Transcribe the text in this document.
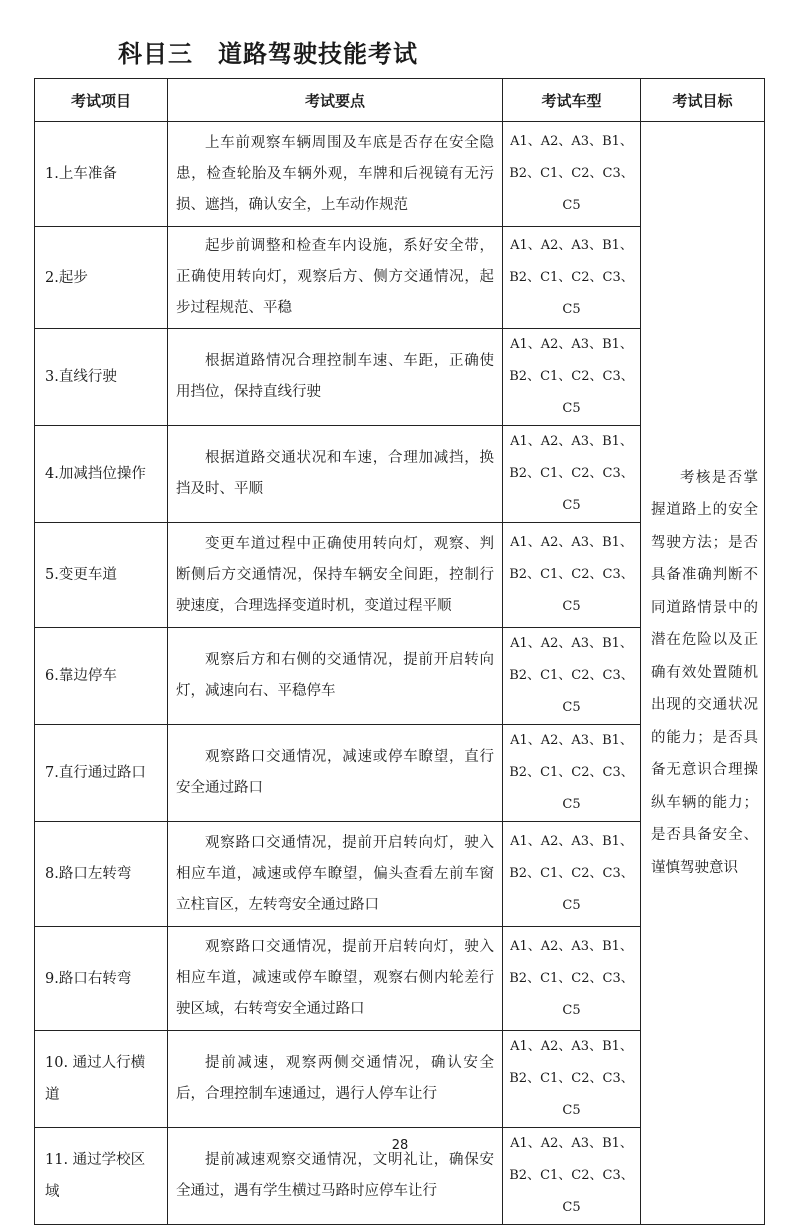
科目三　道路驾驶技能考试
考试项目	考试要点	考试车型	考试目标
1.上车准备	上车前观察车辆周围及车底是否存在安全隐患，检查轮胎及车辆外观，车牌和后视镜有无污损、遮挡，确认安全，上车动作规范	A1、A2、A3、B1、
B2、C1、C2、C3、C5	考核是否掌握道路上的安全驾驶方法；是否具备准确判断不同道路情景中的潜在危险以及正确有效处置随机出现的交通状况的能力；是否具备无意识合理操纵车辆的能力；是否具备安全、谨慎驾驶意识
2.起步	起步前调整和检查车内设施，系好安全带，正确使用转向灯，观察后方、侧方交通情况，起步过程规范、平稳	A1、A2、A3、B1、
B2、C1、C2、C3、C5	

3.直线行驶	根据道路情况合理控制车速、车距，正确使用挡位，保持直线行驶	A1、A2、A3、B1、
B2、C1、C2、C3、C5	

4.加减挡位操作	根据道路交通状况和车速，合理加减挡，换挡及时、平顺	A1、A2、A3、B1、
B2、C1、C2、C3、C5	

5.变更车道	变更车道过程中正确使用转向灯，观察、判断侧后方交通情况，保持车辆安全间距，控制行驶速度，合理选择变道时机，变道过程平顺	A1、A2、A3、B1、
B2、C1、C2、C3、C5	

6.靠边停车	观察后方和右侧的交通情况，提前开启转向灯，减速向右、平稳停车	A1、A2、A3、B1、
B2、C1、C2、C3、C5	

7.直行通过路口	观察路口交通情况，减速或停车瞭望，直行安全通过路口	A1、A2、A3、B1、
B2、C1、C2、C3、C5	

8.路口左转弯	观察路口交通情况，提前开启转向灯，驶入相应车道，减速或停车瞭望，偏头查看左前车窗立柱盲区，左转弯安全通过路口	A1、A2、A3、B1、
B2、C1、C2、C3、C5	

9.路口右转弯	观察路口交通情况，提前开启转向灯，驶入相应车道，减速或停车瞭望，观察右侧内轮差行驶区域，右转弯安全通过路口	A1、A2、A3、B1、
B2、C1、C2、C3、C5	

10. 通过人行横道	提前减速，观察两侧交通情况，确认安全后，合理控制车速通过，遇行人停车让行	A1、A2、A3、B1、
B2、C1、C2、C3、C5	

11. 通过学校区域	提前减速观察交通情况，文明礼让，确保安全通过，遇有学生横过马路时应停车让行	A1、A2、A3、B1、
B2、C1、C2、C3、C5	
28
